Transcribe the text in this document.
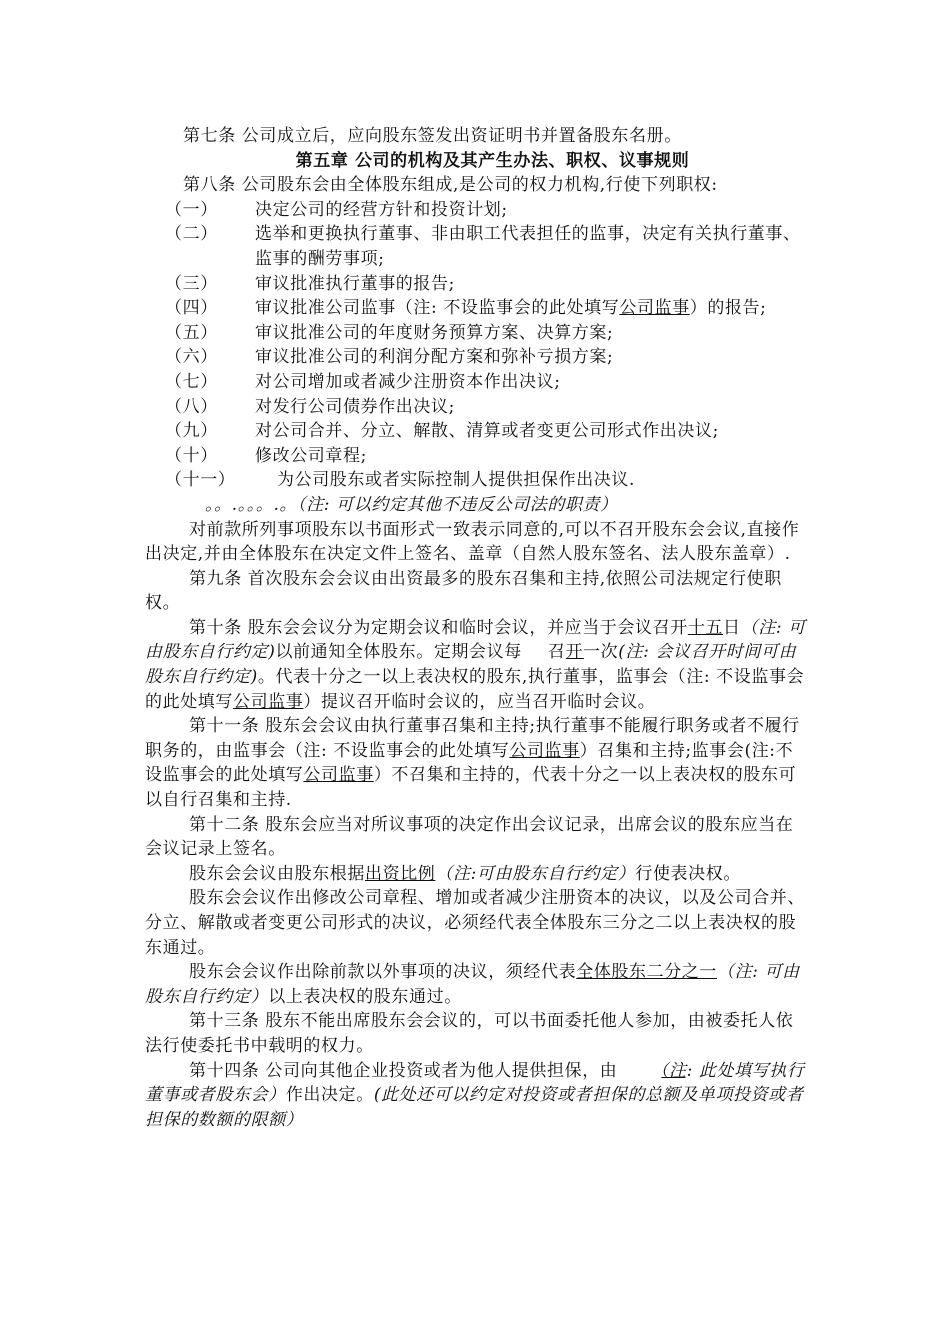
第七条 公司成立后，应向股东签发出资证明书并置备股东名册。

第五章 公司的机构及其产生办法、职权、议事规则

第八条 公司股东会由全体股东组成,是公司的权力机构,行使下列职权:

（一）	决定公司的经营方针和投资计划;
（二）	选举和更换执行董事、非由职工代表担任的监事，决定有关执行董事、监事的酬劳事项;
（三）	审议批准执行董事的报告;
（四）	审议批准公司监事（注: 不设监事会的此处填写公司监事）的报告;
（五）	审议批准公司的年度财务预算方案、决算方案;
（六）	审议批准公司的利润分配方案和弥补亏损方案;
（七）	对公司增加或者减少注册资本作出决议;
（八）	对发行公司债券作出决议;
（九）	对公司合并、分立、解散、清算或者变更公司形式作出决议;
（十）	修改公司章程;
（十一）	为公司股东或者实际控制人提供担保作出决议.

。。.。。。.。（注: 可以约定其他不违反公司法的职责）

对前款所列事项股东以书面形式一致表示同意的,可以不召开股东会会议,直接作出决定,并由全体股东在决定文件上签名、盖章（自然人股东签名、法人股东盖章）.

第九条 首次股东会会议由出资最多的股东召集和主持,依照公司法规定行使职权。

第十条 股东会会议分为定期会议和临时会议，并应当于会议召开十五日（注: 可由股东自行约定)以前通知全体股东。定期会议每 召开一次(注: 会议召开时间可由股东自行约定)。代表十分之一以上表决权的股东,执行董事，监事会（注: 不设监事会的此处填写公司监事）提议召开临时会议的，应当召开临时会议。

第十一条 股东会会议由执行董事召集和主持;执行董事不能履行职务或者不履行职务的，由监事会（注: 不设监事会的此处填写公司监事）召集和主持;监事会(注:不设监事会的此处填写公司监事）不召集和主持的，代表十分之一以上表决权的股东可以自行召集和主持.

第十二条 股东会应当对所议事项的决定作出会议记录，出席会议的股东应当在会议记录上签名。

股东会会议由股东根据出资比例（注:可由股东自行约定）行使表决权。

股东会会议作出修改公司章程、增加或者减少注册资本的决议，以及公司合并、分立、解散或者变更公司形式的决议，必须经代表全体股东三分之二以上表决权的股东通过。

股东会会议作出除前款以外事项的决议，须经代表全体股东二分之一（注: 可由股东自行约定）以上表决权的股东通过。

第十三条 股东不能出席股东会会议的，可以书面委托他人参加，由被委托人依法行使委托书中载明的权力。

第十四条 公司向其他企业投资或者为他人提供担保，由 （注: 此处填写执行董事或者股东会）作出决定。(此处还可以约定对投资或者担保的总额及单项投资或者担保的数额的限额）
